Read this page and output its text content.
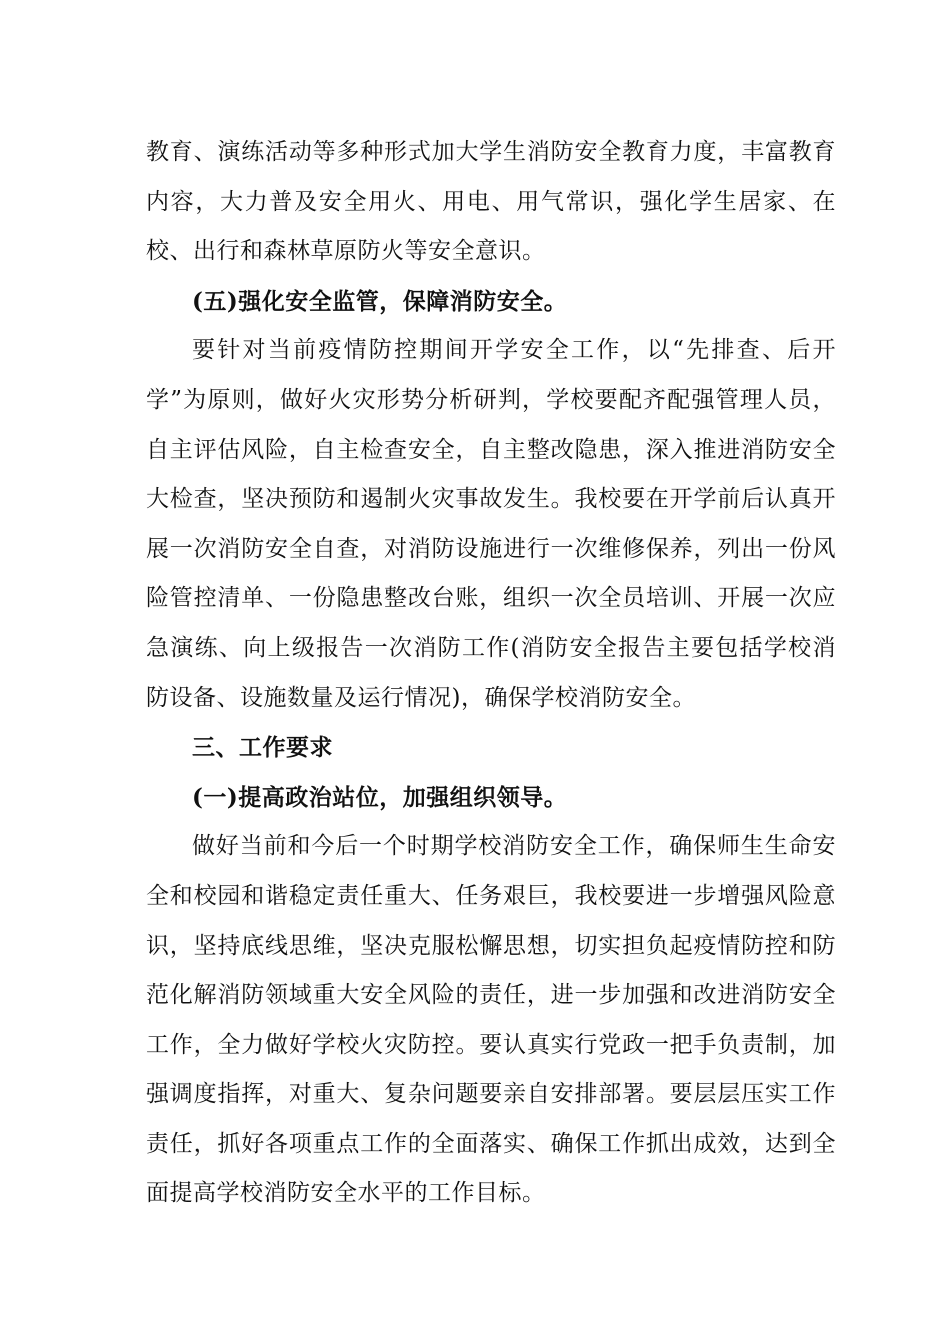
教育、演练活动等多种形式加大学生消防安全教育力度，丰富教育内容，大力普及安全用火、用电、用气常识，强化学生居家、在校、出行和森林草原防火等安全意识。

(五)强化安全监管，保障消防安全。

要针对当前疫情防控期间开学安全工作，以“先排查、后开学”为原则，做好火灾形势分析研判，学校要配齐配强管理人员，自主评估风险，自主检查安全，自主整改隐患，深入推进消防安全大检查，坚决预防和遏制火灾事故发生。我校要在开学前后认真开展一次消防安全自查，对消防设施进行一次维修保养，列出一份风险管控清单、一份隐患整改台账，组织一次全员培训、开展一次应急演练、向上级报告一次消防工作(消防安全报告主要包括学校消防设备、设施数量及运行情况)，确保学校消防安全。

三、工作要求

(一)提高政治站位，加强组织领导。

做好当前和今后一个时期学校消防安全工作，确保师生生命安全和校园和谐稳定责任重大、任务艰巨，我校要进一步增强风险意识，坚持底线思维，坚决克服松懈思想，切实担负起疫情防控和防范化解消防领域重大安全风险的责任，进一步加强和改进消防安全工作，全力做好学校火灾防控。要认真实行党政一把手负责制，加强调度指挥，对重大、复杂问题要亲自安排部署。要层层压实工作责任，抓好各项重点工作的全面落实、确保工作抓出成效，达到全面提高学校消防安全水平的工作目标。
